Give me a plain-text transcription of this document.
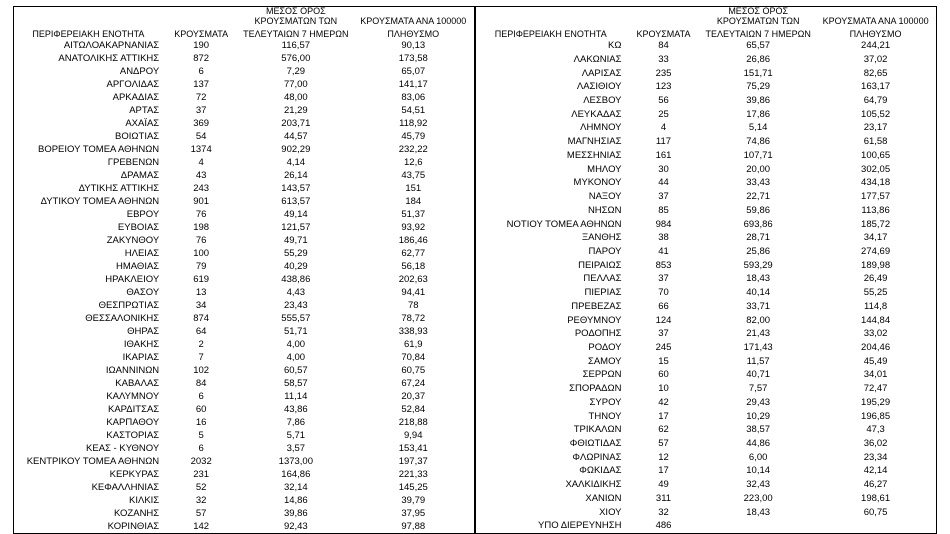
		ΜΕΣΟΣ ΟΡΟΣ
ΚΡΟΥΣΜΑΤΩΝ ΤΩΝ	ΚΡΟΥΣΜΑΤΑ ΑΝΑ 100000

ΠΕΡΙΦΕΡΕΙΑΚΗ ΕΝΟΤΗΤΑ	ΚΡΟΥΣΜΑΤΑ	ΤΕΛΕΥΤΑΙΩΝ 7 ΗΜΕΡΩΝ	ΠΛΗΘΥΣΜΟ
ΑΙΤΩΛΟΑΚΑΡΝΑΝΙΑΣ	190	116,57	90,13
ΑΝΑΤΟΛΙΚΗΣ ΑΤΤΙΚΗΣ	872	576,00	173,58
ΑΝΔΡΟΥ	6	7,29	65,07
ΑΡΓΟΛΙΔΑΣ	137	77,00	141,17
ΑΡΚΑΔΙΑΣ	72	48,00	83,06
ΑΡΤΑΣ	37	21,29	54,51
ΑΧΑΪΑΣ	369	203,71	118,92
ΒΟΙΩΤΙΑΣ	54	44,57	45,79
ΒΟΡΕΙΟΥ ΤΟΜΕΑ ΑΘΗΝΩΝ	1374	902,29	232,22
ΓΡΕΒΕΝΩΝ	4	4,14	12,6
ΔΡΑΜΑΣ	43	26,14	43,75
ΔΥΤΙΚΗΣ ΑΤΤΙΚΗΣ	243	143,57	151
ΔΥΤΙΚΟΥ ΤΟΜΕΑ ΑΘΗΝΩΝ	901	613,57	184
ΕΒΡΟΥ	76	49,14	51,37
ΕΥΒΟΙΑΣ	198	121,57	93,92
ΖΑΚΥΝΘΟΥ	76	49,71	186,46
ΗΛΕΙΑΣ	100	55,29	62,77
ΗΜΑΘΙΑΣ	79	40,29	56,18
ΗΡΑΚΛΕΙΟΥ	619	438,86	202,63
ΘΑΣΟΥ	13	4,43	94,41
ΘΕΣΠΡΩΤΙΑΣ	34	23,43	78
ΘΕΣΣΑΛΟΝΙΚΗΣ	874	555,57	78,72
ΘΗΡΑΣ	64	51,71	338,93
ΙΘΑΚΗΣ	2	4,00	61,9
ΙΚΑΡΙΑΣ	7	4,00	70,84
ΙΩΑΝΝΙΝΩΝ	102	60,57	60,75
ΚΑΒΑΛΑΣ	84	58,57	67,24
ΚΑΛΥΜΝΟΥ	6	11,14	20,37
ΚΑΡΔΙΤΣΑΣ	60	43,86	52,84
ΚΑΡΠΑΘΟΥ	16	7,86	218,88
ΚΑΣΤΟΡΙΑΣ	5	5,71	9,94
ΚΕΑΣ - ΚΥΘΝΟΥ	6	3,57	153,41
ΚΕΝΤΡΙΚΟΥ ΤΟΜΕΑ ΑΘΗΝΩΝ	2032	1373,00	197,37
ΚΕΡΚΥΡΑΣ	231	164,86	221,33
ΚΕΦΑΛΛΗΝΙΑΣ	52	32,14	145,25
ΚΙΛΚΙΣ	32	14,86	39,79
ΚΟΖΑΝΗΣ	57	39,86	37,95
ΚΟΡΙΝΘΙΑΣ	142	92,43	97,88

		ΜΕΣΟΣ ΟΡΟΣ
ΚΡΟΥΣΜΑΤΩΝ ΤΩΝ	ΚΡΟΥΣΜΑΤΑ ΑΝΑ 100000

ΠΕΡΙΦΕΡΕΙΑΚΗ ΕΝΟΤΗΤΑ	ΚΡΟΥΣΜΑΤΑ	ΤΕΛΕΥΤΑΙΩΝ 7 ΗΜΕΡΩΝ	ΠΛΗΘΥΣΜΟ
ΚΩ	84	65,57	244,21
ΛΑΚΩΝΙΑΣ	33	26,86	37,02
ΛΑΡΙΣΑΣ	235	151,71	82,65
ΛΑΣΙΘΙΟΥ	123	75,29	163,17
ΛΕΣΒΟΥ	56	39,86	64,79
ΛΕΥΚΑΔΑΣ	25	17,86	105,52
ΛΗΜΝΟΥ	4	5,14	23,17
ΜΑΓΝΗΣΙΑΣ	117	74,86	61,58
ΜΕΣΣΗΝΙΑΣ	161	107,71	100,65
ΜΗΛΟΥ	30	20,00	302,05
ΜΥΚΟΝΟΥ	44	33,43	434,18
ΝΑΞΟΥ	37	22,71	177,57
ΝΗΣΩΝ	85	59,86	113,86
ΝΟΤΙΟΥ ΤΟΜΕΑ ΑΘΗΝΩΝ	984	693,86	185,72
ΞΑΝΘΗΣ	38	28,71	34,17
ΠΑΡΟΥ	41	25,86	274,69
ΠΕΙΡΑΙΩΣ	853	593,29	189,98
ΠΕΛΛΑΣ	37	18,43	26,49
ΠΙΕΡΙΑΣ	70	40,14	55,25
ΠΡΕΒΕΖΑΣ	66	33,71	114,8
ΡΕΘΥΜΝΟΥ	124	82,00	144,84
ΡΟΔΟΠΗΣ	37	21,43	33,02
ΡΟΔΟΥ	245	171,43	204,46
ΣΑΜΟΥ	15	11,57	45,49
ΣΕΡΡΩΝ	60	40,71	34,01
ΣΠΟΡΑΔΩΝ	10	7,57	72,47
ΣΥΡΟΥ	42	29,43	195,29
ΤΗΝΟΥ	17	10,29	196,85
ΤΡΙΚΑΛΩΝ	62	38,57	47,3
ΦΘΙΩΤΙΔΑΣ	57	44,86	36,02
ΦΛΩΡΙΝΑΣ	12	6,00	23,34
ΦΩΚΙΔΑΣ	17	10,14	42,14
ΧΑΛΚΙΔΙΚΗΣ	49	32,43	46,27
ΧΑΝΙΩΝ	311	223,00	198,61
ΧΙΟΥ	32	18,43	60,75
ΥΠΟ ΔΙΕΡΕΥΝΗΣΗ	486		
